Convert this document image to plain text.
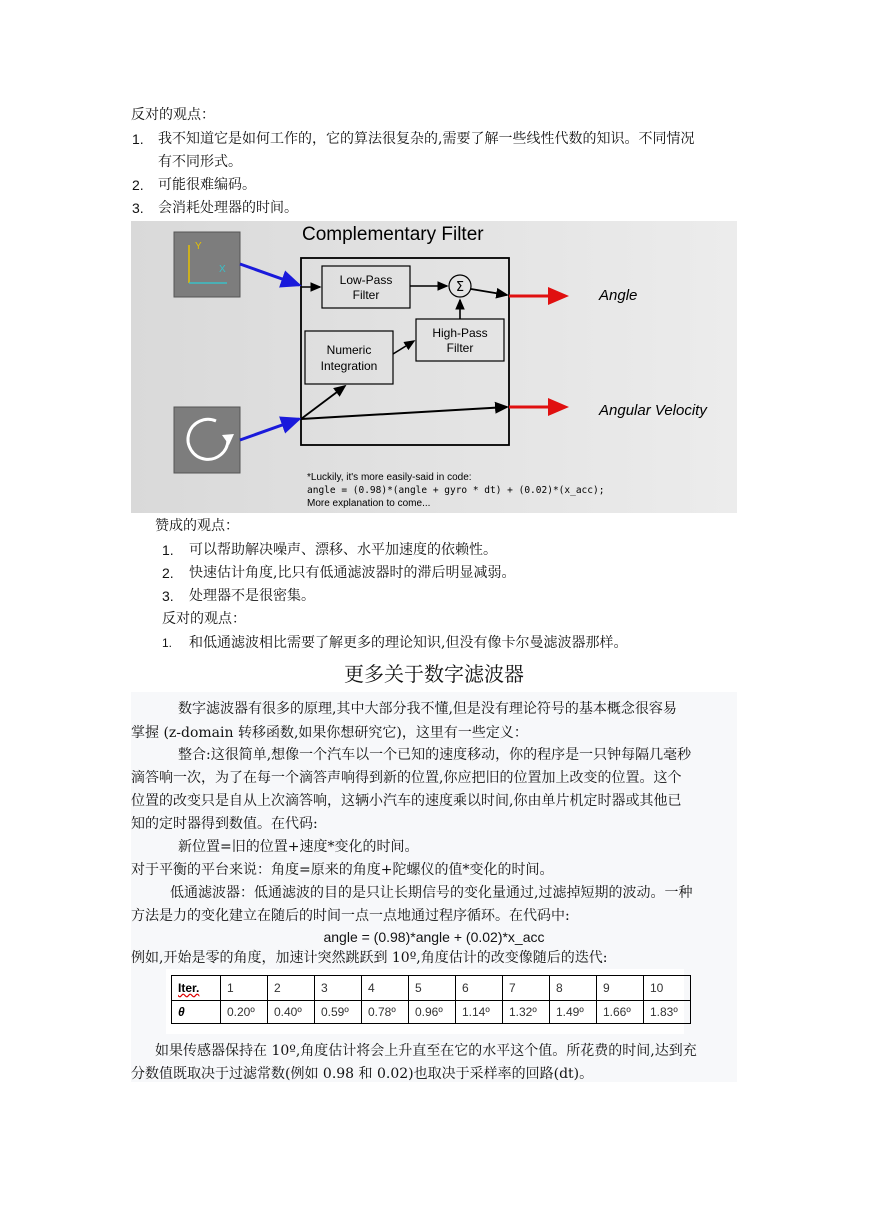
反对的观点：
1. 我不知道它是如何工作的，它的算法很复杂的,需要了解一些线性代数的知识。不同情况
有不同形式。
2. 可能很难编码。
3. 会消耗处理器的时间。
Complementary Filter
Y
X
Low-Pass
Filter	Σ
High-Pass
Filter
Numeric
Integration
Angle
Angular Velocity
*Luckily, it's more easily-said in code:
angle = (0.98)*(angle + gyro * dt) + (0.02)*(x_acc);
More explanation to come...
赞成的观点：
1. 可以帮助解决噪声、漂移、水平加速度的依赖性。
2. 快速估计角度,比只有低通滤波器时的滞后明显减弱。
3. 处理器不是很密集。
反对的观点：
1. 和低通滤波相比需要了解更多的理论知识,但没有像卡尔曼滤波器那样。
更多关于数字滤波器
数字滤波器有很多的原理,其中大部分我不懂,但是没有理论符号的基本概念很容易
掌握 (z-domain 转移函数,如果你想研究它)，这里有一些定义：
整合:这很简单,想像一个汽车以一个已知的速度移动，你的程序是一只钟每隔几毫秒
滴答响一次，为了在每一个滴答声响得到新的位置,你应把旧的位置加上改变的位置。这个
位置的改变只是自从上次滴答响，这辆小汽车的速度乘以时间,你由单片机定时器或其他已
知的定时器得到数值。在代码:
新位置=旧的位置+速度*变化的时间。
对于平衡的平台来说：角度=原来的角度+陀螺仪的值*变化的时间。
低通滤波器：低通滤波的目的是只让长期信号的变化量通过,过滤掉短期的波动。一种
方法是力的变化建立在随后的时间一点一点地通过程序循环。在代码中:
angle = (0.98)*angle + (0.02)*x_acc
例如,开始是零的角度，加速计突然跳跃到 10º,角度估计的改变像随后的迭代:
Iter.	1	2	3	4	5	6	7	8	9	10
θ	0.20º	0.40º	0.59º	0.78º	0.96º	1.14º	1.32º	1.49º	1.66º	1.83º
如果传感器保持在 10º,角度估计将会上升直至在它的水平这个值。所花费的时间,达到充
分数值既取决于过滤常数(例如 0.98 和 0.02)也取决于采样率的回路(dt)。
